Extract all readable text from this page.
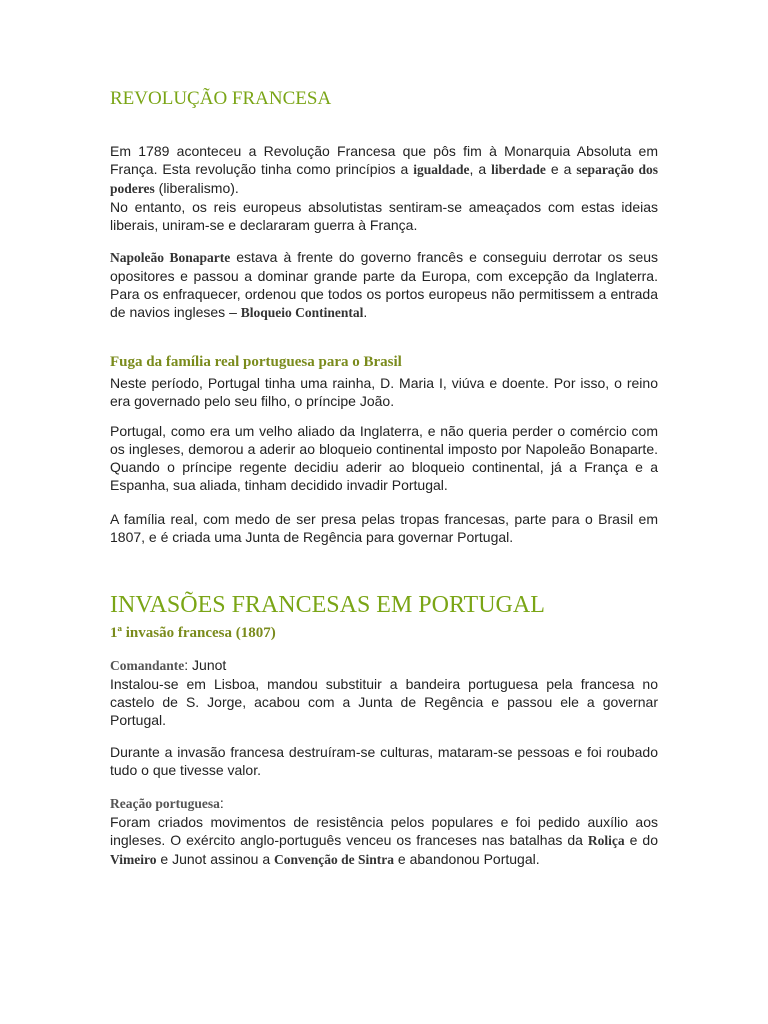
REVOLUÇÃO FRANCESA

Em 1789 aconteceu a Revolução Francesa que pôs fim à Monarquia Absoluta em França. Esta revolução tinha como princípios a igualdade, a liberdade e a separação dos poderes (liberalismo).

No entanto, os reis europeus absolutistas sentiram-se ameaçados com estas ideias liberais, uniram-se e declararam guerra à França.

Napoleão Bonaparte estava à frente do governo francês e conseguiu derrotar os seus opositores e passou a dominar grande parte da Europa, com excepção da Inglaterra. Para os enfraquecer, ordenou que todos os portos europeus não permitissem a entrada de navios ingleses – Bloqueio Continental.
Fuga da família real portuguesa para o Brasil
Neste período, Portugal tinha uma rainha, D. Maria I, viúva e doente. Por isso, o reino era governado pelo seu filho, o príncipe João.
Portugal, como era um velho aliado da Inglaterra, e não queria perder o comércio com os ingleses, demorou a aderir ao bloqueio continental imposto por Napoleão Bonaparte. Quando o príncipe regente decidiu aderir ao bloqueio continental, já a França e a Espanha, sua aliada, tinham decidido invadir Portugal.
A família real, com medo de ser presa pelas tropas francesas, parte para o Brasil em 1807, e é criada uma Junta de Regência para governar Portugal.
INVASÕES FRANCESAS EM PORTUGAL
1ª invasão francesa (1807)

Comandante: Junot

Instalou-se em Lisboa, mandou substituir a bandeira portuguesa pela francesa no castelo de S. Jorge, acabou com a Junta de Regência e passou ele a governar Portugal.

Durante a invasão francesa destruíram-se culturas, mataram-se pessoas e foi roubado tudo o que tivesse valor.

Reação portuguesa:

Foram criados movimentos de resistência pelos populares e foi pedido auxílio aos ingleses. O exército anglo-português venceu os franceses nas batalhas da Roliça e do Vimeiro e Junot assinou a Convenção de Sintra e abandonou Portugal.
